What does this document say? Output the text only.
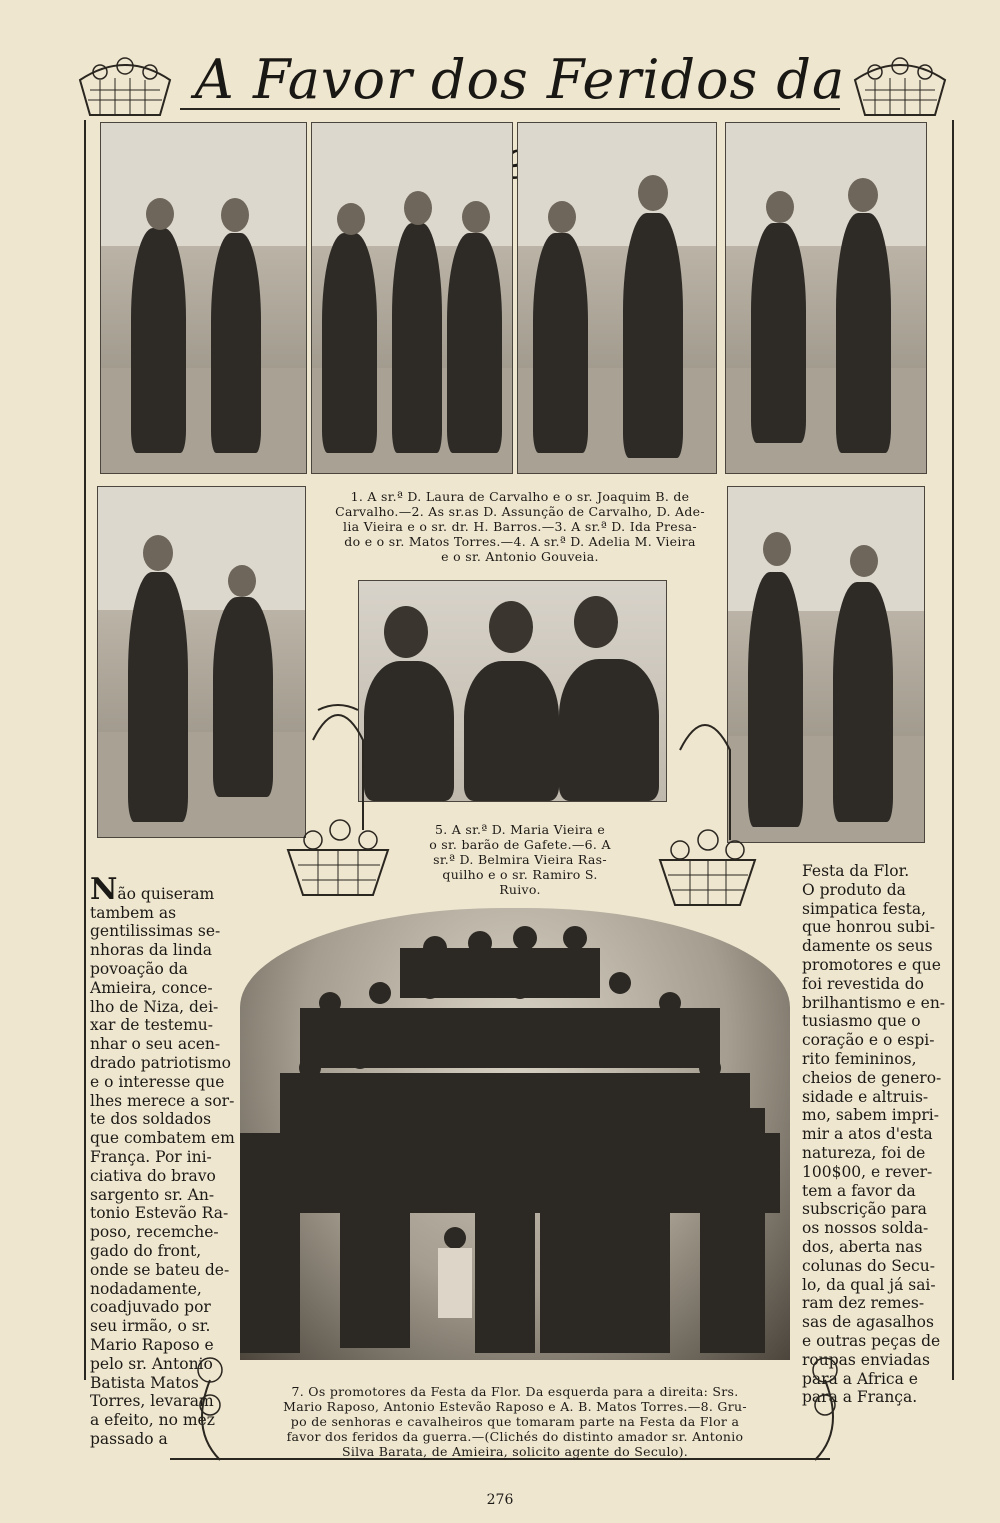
A Favor dos Feridos da
1. A sr.ª D. Laura de Carvalho e o sr. Joaquim B. de
Carvalho.—2. As sr.as D. Assunção de Carvalho, D. Ade-
lia Vieira e o sr. dr. H. Barros.—3. A sr.ª D. Ida Presa-
do e o sr. Matos Torres.—4. A sr.ª D. Adelia M. Vieira
e o sr. Antonio Gouveia.
5. A sr.ª D. Maria Vieira e
o sr. barão de Gafete.—6. A
sr.ª D. Belmira Vieira Ras-
quilho e o sr. Ramiro S.
Ruivo.

Não quiseram
tambem as
gentilissimas se-
nhoras da linda
povoação da
Amieira, conce-
lho de Niza, dei-
xar de testemu-
nhar o seu acen-
drado patriotismo
e o interesse que
lhes merece a sor-
te dos soldados
que combatem em
França. Por ini-
ciativa do bravo
sargento sr. An-
tonio Estevão Ra-
poso, recemche-
gado do front,
onde se bateu de-
nodadamente,
coadjuvado por
seu irmão, o sr.
Mario Raposo e
pelo sr. Antonio
Batista Matos
Torres, levaram
a efeito, no mez
passado a

Festa da Flor.
O produto da
simpatica festa,
que honrou subi-
damente os seus
promotores e que
foi revestida do
brilhantismo e en-
tusiasmo que o
coração e o espi-
rito femininos,
cheios de genero-
sidade e altruis-
mo, sabem impri-
mir a atos d'esta
natureza, foi de
100$00, e rever-
tem a favor da
subscrição para
os nossos solda-
dos, aberta nas
colunas do Secu-
lo, da qual já sai-
ram dez remes-
sas de agasalhos
e outras peças de
roupas enviadas
para a Africa e
para a França.
7. Os promotores da Festa da Flor. Da esquerda para a direita: Srs.
Mario Raposo, Antonio Estevão Raposo e A. B. Matos Torres.—8. Gru-
po de senhoras e cavalheiros que tomaram parte na Festa da Flor a
favor dos feridos da guerra.—(Clichés do distinto amador sr. Antonio
Silva Barata, de Amieira, solicito agente do Seculo).
276
